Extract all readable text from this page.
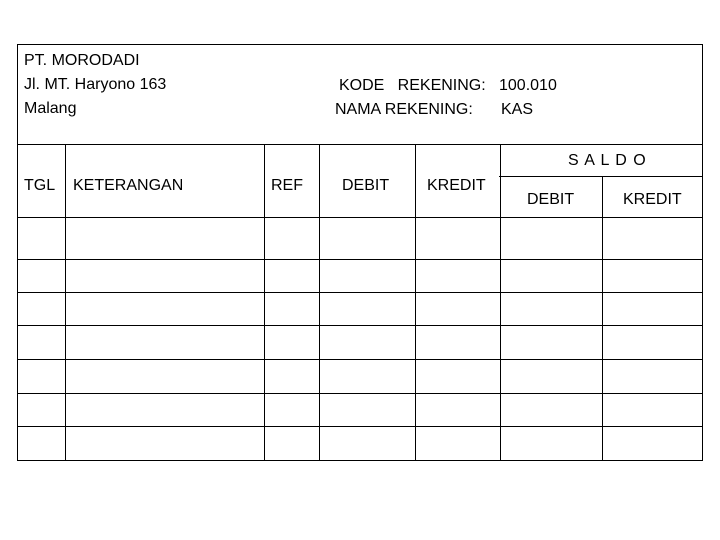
PT. MORODADI
Jl. MT. Haryono 163
Malang
KODE   REKENING: 100.010
NAMA REKENING: KAS
TGL KETERANGAN	REF DEBIT KREDIT
S A L D O
DEBIT	KREDIT
